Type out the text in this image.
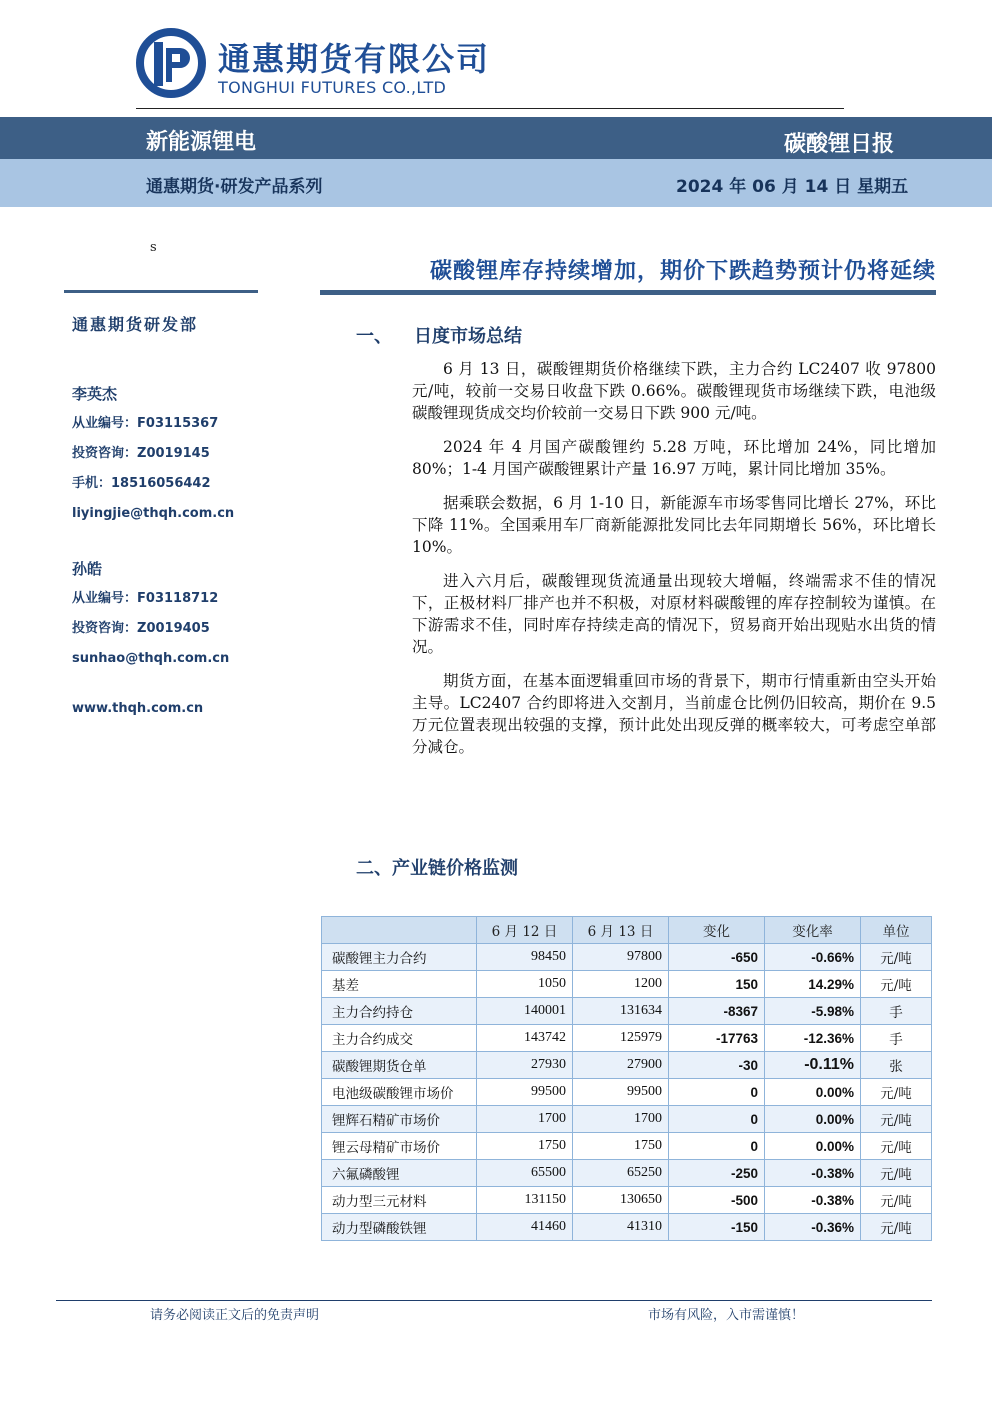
通惠期货有限公司
TONGHUI FUTURES CO.,LTD
新能源锂电	碳酸锂日报
通惠期货·研发产品系列	2024 年 06 月 14 日 星期五
s
通惠期货研发部
李英杰
从业编号：F03115367
投资咨询：Z0019145
手机：18516056442
liyingjie@thqh.com.cn
孙皓
从业编号：F03118712
投资咨询：Z0019405
sunhao@thqh.com.cn
www.thqh.com.cn
碳酸锂库存持续增加，期价下跌趋势预计仍将延续
一、 日度市场总结

6 月 13 日，碳酸锂期货价格继续下跌，主力合约 LC2407 收 97800 元/吨，较前一交易日收盘下跌 0.66%。碳酸锂现货市场继续下跌，电池级碳酸锂现货成交均价较前一交易日下跌 900 元/吨。

2024 年 4 月国产碳酸锂约 5.28 万吨，环比增加 24%，同比增加 80%；1-4 月国产碳酸锂累计产量 16.97 万吨，累计同比增加 35%。

据乘联会数据，6 月 1-10 日，新能源车市场零售同比增长 27%，环比下降 11%。全国乘用车厂商新能源批发同比去年同期增长 56%，环比增长 10%。

进入六月后，碳酸锂现货流通量出现较大增幅，终端需求不佳的情况下，正极材料厂排产也并不积极，对原材料碳酸锂的库存控制较为谨慎。在下游需求不佳，同时库存持续走高的情况下，贸易商开始出现贴水出货的情况。

期货方面，在基本面逻辑重回市场的背景下，期市行情重新由空头开始主导。LC2407 合约即将进入交割月，当前虚仓比例仍旧较高，期价在 9.5 万元位置表现出较强的支撑，预计此处出现反弹的概率较大，可考虑空单部分减仓。

二、产业链价格监测
	6 月 12 日	6 月 13 日	变化	变化率	单位
碳酸锂主力合约	98450	97800	-650	-0.66%	元/吨
基差	1050	1200	150	14.29%	元/吨
主力合约持仓	140001	131634	-8367	-5.98%	手
主力合约成交	143742	125979	-17763	-12.36%	手
碳酸锂期货仓单	27930	27900	-30	-0.11%	张
电池级碳酸锂市场价	99500	99500	0	0.00%	元/吨
锂辉石精矿市场价	1700	1700	0	0.00%	元/吨
锂云母精矿市场价	1750	1750	0	0.00%	元/吨
六氟磷酸锂	65500	65250	-250	-0.38%	元/吨
动力型三元材料	131150	130650	-500	-0.38%	元/吨
动力型磷酸铁锂	41460	41310	-150	-0.36%	元/吨
请务必阅读正文后的免责声明	市场有风险，入市需谨慎！
